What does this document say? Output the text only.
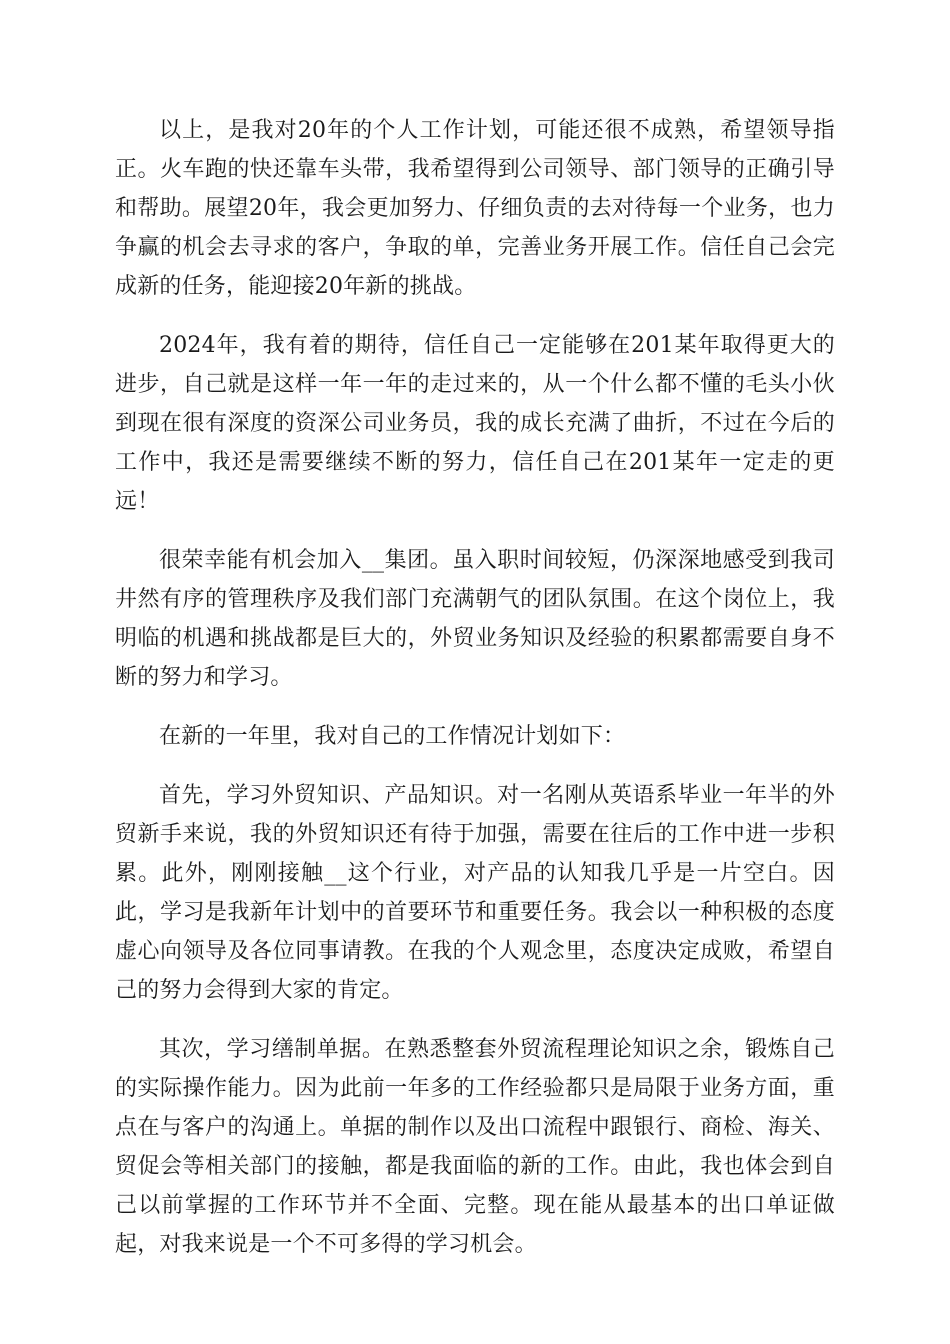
以上，是我对20年的个人工作计划，可能还很不成熟，希望领导指正。火车跑的快还靠车头带，我希望得到公司领导、部门领导的正确引导和帮助。展望20年，我会更加努力、仔细负责的去对待每一个业务，也力争赢的机会去寻求的客户，争取的单，完善业务开展工作。信任自己会完成新的任务，能迎接20年新的挑战。

2024年，我有着的期待，信任自己一定能够在201某年取得更大的进步，自己就是这样一年一年的走过来的，从一个什么都不懂的毛头小伙到现在很有深度的资深公司业务员，我的成长充满了曲折，不过在今后的工作中，我还是需要继续不断的努力，信任自己在201某年一定走的更远！

很荣幸能有机会加入__集团。虽入职时间较短，仍深深地感受到我司井然有序的管理秩序及我们部门充满朝气的团队氛围。在这个岗位上，我明临的机遇和挑战都是巨大的，外贸业务知识及经验的积累都需要自身不断的努力和学习。

在新的一年里，我对自己的工作情况计划如下：

首先，学习外贸知识、产品知识。对一名刚从英语系毕业一年半的外贸新手来说，我的外贸知识还有待于加强，需要在往后的工作中进一步积累。此外，刚刚接触__这个行业，对产品的认知我几乎是一片空白。因此，学习是我新年计划中的首要环节和重要任务。我会以一种积极的态度虚心向领导及各位同事请教。在我的个人观念里，态度决定成败，希望自己的努力会得到大家的肯定。

其次，学习缮制单据。在熟悉整套外贸流程理论知识之余，锻炼自己的实际操作能力。因为此前一年多的工作经验都只是局限于业务方面，重点在与客户的沟通上。单据的制作以及出口流程中跟银行、商检、海关、贸促会等相关部门的接触，都是我面临的新的工作。由此，我也体会到自己以前掌握的工作环节并不全面、完整。现在能从最基本的出口单证做起，对我来说是一个不可多得的学习机会。
